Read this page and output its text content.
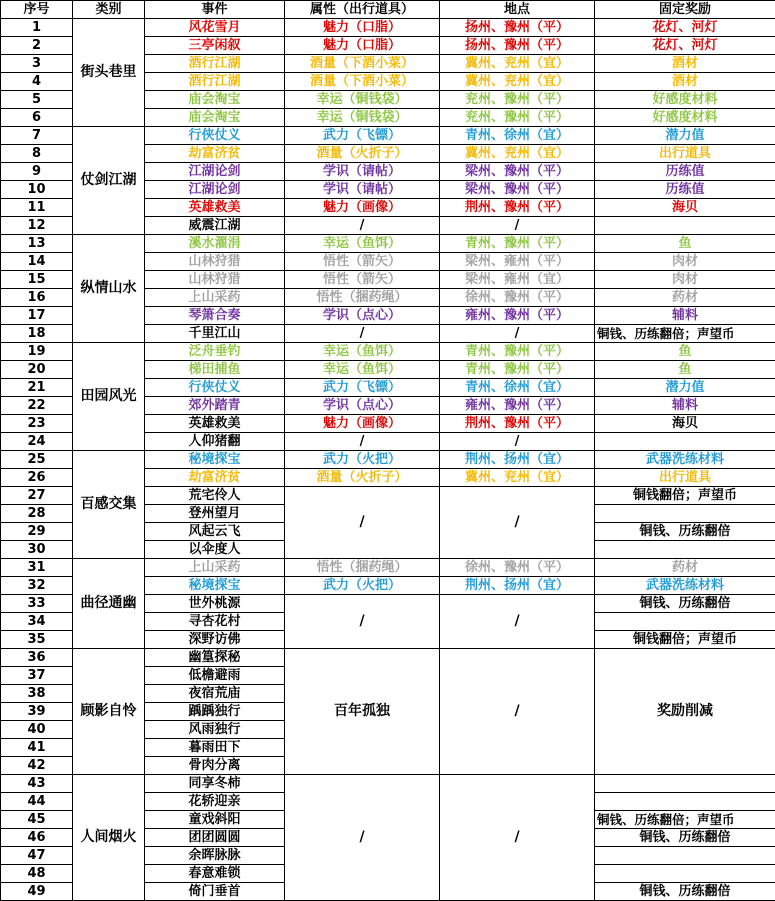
序号	类别	事件	属性（出行道具）	地点	固定奖励
1	街头巷里	风花雪月	魅力（口脂）	扬州、豫州（平）	花灯、河灯
2		三亭闲叙	魅力（口脂）	扬州、豫州（平）	花灯、河灯
3		酒行江湖	酒量（下酒小菜）	冀州、兖州（宜）	酒材
4		酒行江湖	酒量（下酒小菜）	冀州、兖州（宜）	酒材
5		庙会淘宝	幸运（铜钱袋）	兖州、豫州（平）	好感度材料
6		庙会淘宝	幸运（铜钱袋）	兖州、豫州（平）	好感度材料
7	仗剑江湖	行侠仗义	武力（飞镖）	青州、徐州（宜）	潜力值
8		劫富济贫	酒量（火折子）	冀州、兖州（宜）	出行道具
9		江湖论剑	学识（请帖）	梁州、豫州（平）	历练值
10		江湖论剑	学识（请帖）	梁州、豫州（平）	历练值
11		英雄救美	魅力（画像）	荆州、豫州（平）	海贝
12		威震江湖	/	/	
13	纵情山水	溪水濯涓	幸运（鱼饵）	青州、豫州（平）	鱼
14		山林狩猎	悟性（箭矢）	梁州、雍州（平）	肉材
15		山林狩猎	悟性（箭矢）	梁州、雍州（宜）	肉材
16		上山采药	悟性（捆药绳）	徐州、豫州（平）	药材
17		琴箫合奏	学识（点心）	雍州、豫州（平）	辅料
18		千里江山	/	/	铜钱、历练翻倍；声望币
19	田园风光	泛舟垂钓	幸运（鱼饵）	青州、豫州（平）	鱼
20		梯田捕鱼	幸运（鱼饵）	青州、豫州（平）	鱼
21		行侠仗义	武力（飞镖）	青州、徐州（宜）	潜力值
22		郊外踏青	学识（点心）	雍州、豫州（平）	辅料
23		英雄救美	魅力（画像）	荆州、豫州（平）	海贝
24		人仰猪翻	/	/	
25	百感交集	秘境探宝	武力（火把）	荆州、扬州（宜）	武器洗练材料
26		劫富济贫	酒量（火折子）	冀州、兖州（宜）	出行道具
27		荒宅伶人	/	/	铜钱翻倍；声望币
28		登州望月			
29		风起云飞			铜钱、历练翻倍
30		以伞度人			
31	曲径通幽	上山采药	悟性（捆药绳）	徐州、豫州（平）	药材
32		秘境探宝	武力（火把）	荆州、扬州（宜）	武器洗练材料
33		世外桃源	/	/	铜钱、历练翻倍
34		寻杏花村			
35		深野访佛			铜钱翻倍；声望币
36	顾影自怜	幽篁探秘	百年孤独	/	奖励削减
37		低檐避雨			
38		夜宿荒庙			
39		踽踽独行			
40		风雨独行			
41		暮雨田下			
42		骨肉分离			
43	人间烟火	同享冬柿	/	/	
44		花轿迎亲			
45		童戏斜阳			铜钱、历练翻倍；声望币
46		团团圆圆			铜钱、历练翻倍
47		余晖脉脉			
48		春意难锁			
49		倚门垂首			铜钱、历练翻倍
